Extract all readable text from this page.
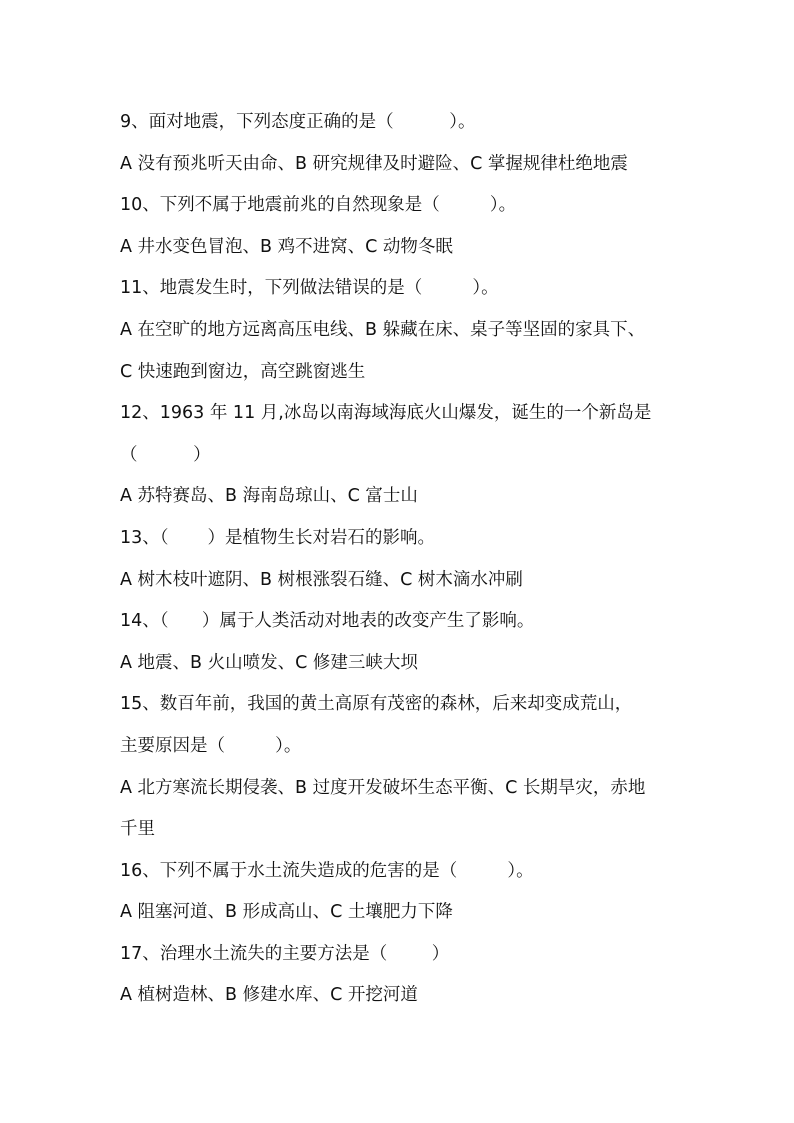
9、面对地震，下列态度正确的是（          ）。
A 没有预兆听天由命、B 研究规律及时避险、C 掌握规律杜绝地震
10、下列不属于地震前兆的自然现象是（         ）。
A 井水变色冒泡、B 鸡不进窝、C 动物冬眠
11、地震发生时，下列做法错误的是（         ）。
A 在空旷的地方远离高压电线、B 躲藏在床、桌子等坚固的家具下、
C 快速跑到窗边，高空跳窗逃生
12、1963 年 11 月,冰岛以南海域海底火山爆发，诞生的一个新岛是
（          ）
A 苏特赛岛、B 海南岛琼山、C 富士山
13、（       ）是植物生长对岩石的影响。
A 树木枝叶遮阴、B 树根涨裂石缝、C 树木滴水冲刷
14、（      ）属于人类活动对地表的改变产生了影响。
A 地震、B 火山喷发、C 修建三峡大坝
15、数百年前，我国的黄土高原有茂密的森林，后来却变成荒山，
主要原因是（         ）。
A 北方寒流长期侵袭、B 过度开发破坏生态平衡、C 长期旱灾，赤地
千里
16、下列不属于水土流失造成的危害的是（         ）。
A 阻塞河道、B 形成高山、C 土壤肥力下降
17、治理水土流失的主要方法是（        ）
A 植树造林、B 修建水库、C 开挖河道
